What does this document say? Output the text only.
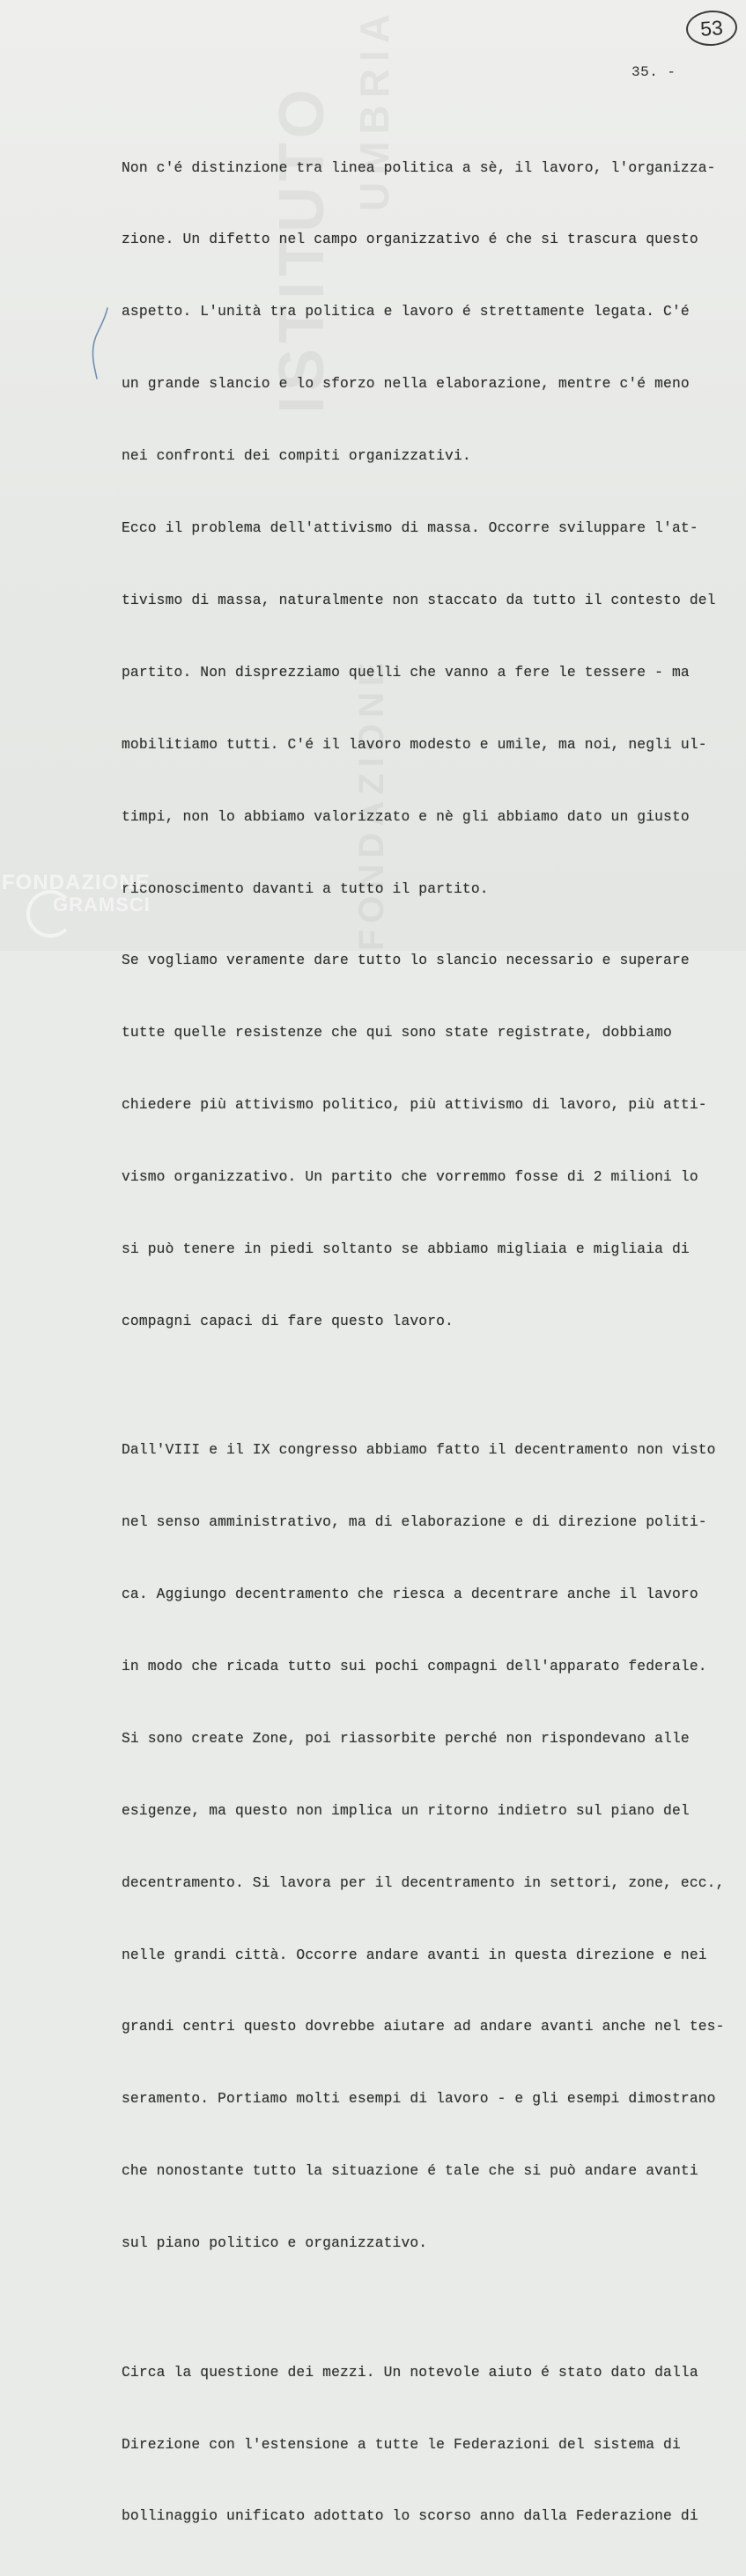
ISTITUTO UMBRIA
FONDAZIONE
53
35. -

Non c'é distinzione tra linea politica a sè, il lavoro, l'organizza-

zione. Un difetto nel campo organizzativo é che si trascura questo

aspetto. L'unità tra politica e lavoro é strettamente legata. C'é

un grande slancio e lo sforzo nella elaborazione, mentre c'é meno

nei confronti dei compiti organizzativi.

Ecco il problema dell'attivismo di massa. Occorre sviluppare l'at-

tivismo di massa, naturalmente non staccato da tutto il contesto del

partito. Non disprezziamo quelli che vanno a fere le tessere - ma

mobilitiamo tutti. C'é il lavoro modesto e umile, ma noi, negli ul-

timpi, non lo abbiamo valorizzato e nè gli abbiamo dato un giusto

riconoscimento davanti a tutto il partito.

Se vogliamo veramente dare tutto lo slancio necessario e superare

tutte quelle resistenze che qui sono state registrate, dobbiamo

chiedere più attivismo politico, più attivismo di lavoro, più atti-

vismo organizzativo. Un partito che vorremmo fosse di 2 milioni lo

si può tenere in piedi soltanto se abbiamo migliaia e migliaia di

compagni capaci di fare questo lavoro.

Dall'VIII e il IX congresso abbiamo fatto il decentramento non visto

nel senso amministrativo, ma di elaborazione e di direzione politi-

ca. Aggiungo decentramento che riesca a decentrare anche il lavoro

in modo che ricada tutto sui pochi compagni dell'apparato federale.

Si sono create Zone, poi riassorbite perché non rispondevano alle

esigenze, ma questo non implica un ritorno indietro sul piano del

decentramento. Si lavora per il decentramento in settori, zone, ecc.,

nelle grandi città. Occorre andare avanti in questa direzione e nei

grandi centri questo dovrebbe aiutare ad andare avanti anche nel tes-

seramento. Portiamo molti esempi di lavoro - e gli esempi dimostrano

che nonostante tutto la situazione é tale che si può andare avanti

sul piano politico e organizzativo.

Circa la questione dei mezzi. Un notevole aiuto é stato dato dalla

Direzione con l'estensione a tutte le Federazioni del sistema di

bollinaggio unificato adottato lo scorso anno dalla Federazione di

FONDAZIONE
GRAMSCI
